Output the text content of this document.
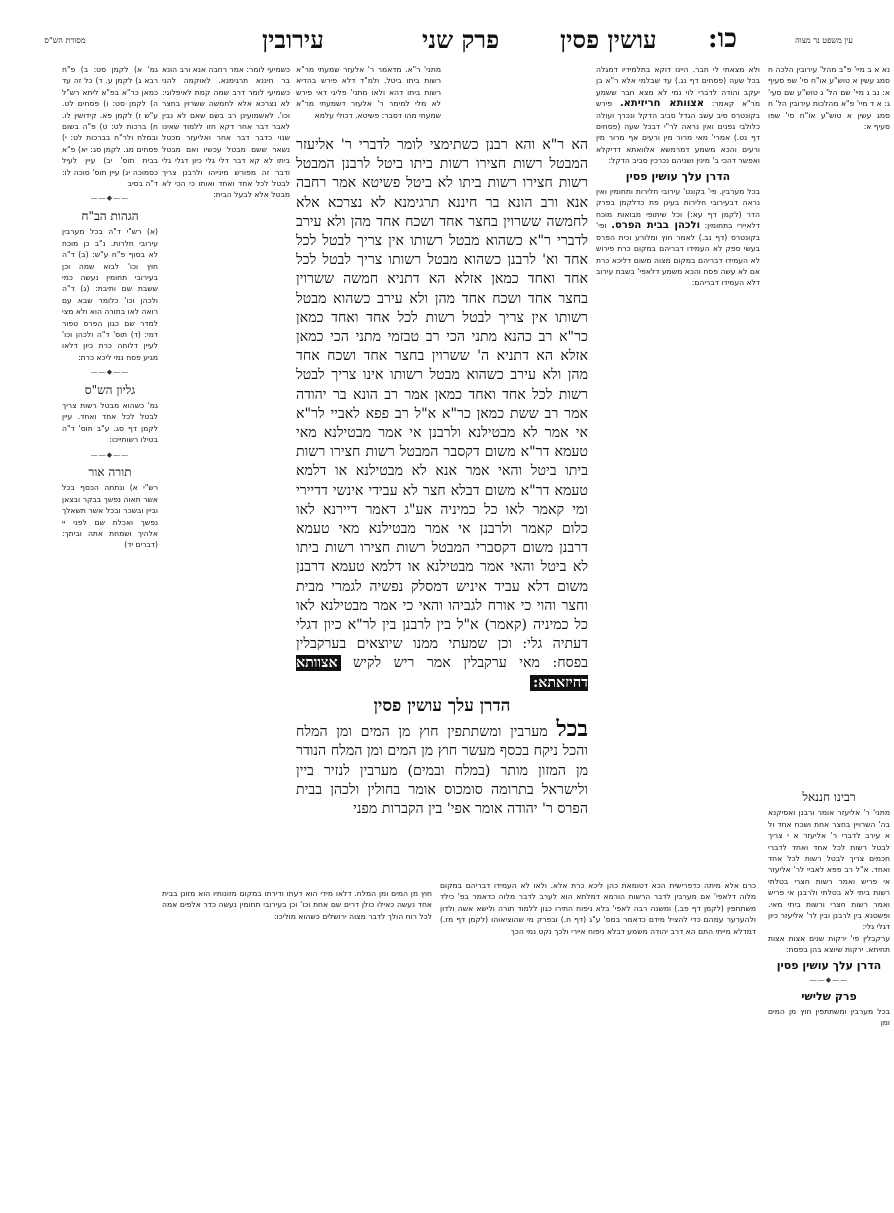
עין משפט נר מצוה
כו:
עושין פסין
פרק שני
עירובין
מסורת הש"ס
נא א ב מיי' פ"ב מהל' עירובין הלכה ח סמג עשין א טוש"ע או"ח סי' שפ סעיף א: נב ג מיי' שם הל' ג טוש"ע שם סעי' ג: א ד מיי' פ"א מהלכות עירובין הל' ח סמג עשין א טוש"ע או"ח סי' שפו סעיף א:
רבינו חננאל
מתני' ר' אליעזר אומר ורבנן ואסיקנא בה' השרויין בחצר אחת ושכח אחד ול א עירב לדברי ר' אליעזר א י צריך לבטל רשות לכל אחד ואחד לדברי חכמים צריך לבטל רשות לכל אחד ואחד. א"ל רב פפא לאביי לר' אליעזר אי פריש ואמר רשות חצרי בטלתי רשות ביתי לא בטלתי ולרבנן אי פריש ואמר רשות חצרי ורשות ביתי מאי. ופשטנא בין לרבנן ובין לר' אליעזר כיון דגלי גלי:
ערקבלין פי' ירקות שנים אצות אצות תחיתא. ירקות שיוצא בהן בפסח:
הדרן עלך עושין פסין
——◆——
פרק שלישי
בכל מערבין ומשתתפין חוץ מן המים ומן
ולא מצאתי לי חבר. היינו דוקא בתלמידיו דמגלה בכל שעה (פסחים דף נג.) עד שבלמי אלא ר"א בן יעקב והודה לדברי לוי נמי לא מצא חבר ששמע מר"א קאמר: אצוותא חריזיתא. פירש בקונטרס סיב עשב הגדל סביב הדקל ונכרך ועולה כלולבי גפנים ואין נראה לר"י דבכל שעה (פסחים דף נט.) אמרי' מאי מרור מין ורעים אף מרור מין ורעים והכא משמע דמרמשא אלוואתא דדיקלא ואפשר דהכי ב' מינין ושניהם נכרכין סביב הדקל:
הדרן עלך עושין פסין
בכל מערבין. פי' בקונט' עירובי חלירות ותחומין ואין נראה דבעירובי חלירות בעינן פת כדלקמן בפרק הדר (לקמן דף עא:) וכל שיתופי מבואות מוכח דלאיירי בתחומין: ולכהן בבית הפרס. ופי' בקונטרס (דף נב.) לאמר חוץ ומלורע וכית הפרס בעשי ספק לא העמידו דבריהם במקום כרת פירוש לא העמידו דבריהם במקום מצוה משום דליכא כרת אם לא עשה פסח והכא משמע דלאפי' בשבת עירוב דלא העמידו דבריהם:
מתני' ר"א. מדאמר ר' אלעזר שמעתי מר"א רשות ביתו ביטל. ולמ"ד דלא פירש בהדיא רשות ביתו דהא ולאו מתני' פליגי דאי פירש לא מלי למימר ר' אלעזר דשמעתי מר"א שמעתי מהו דסבר: פשיטא. דכולי עלמא
כשמיעי לומר: אמר רחבה אנא ורב הונא בר חיננא תרגימנא. לאוקמה להני כשמיעי לומר דרב שמה קמת לאיפלוגי: לא נצרכא אלא לחמשה ששרוין בחצר וכו'. לאשמועינן רב בשם שאם לא נבין לאבר דבר אחר דקא חזו ללמוד שאינו שנוי כדבר דבר אחר ואליעזר מכטל נשאר ששם מבטל עכשיו ואם מבטל ביתו לא קא דבר דלי גלי כיון דגלי גלי ודבר זה מפורש מינייהו ולרבנן צריך לבטל לכל אחד ואחד ואותו כי הכי לא מבטל אלא לבעל הבית:
הא ר"א והא רבנן כשתימצי לומר לדברי ר' אליעזר המבטל רשות חצירו רשות ביתו ביטל לרבנן המבטל רשות חצירו רשות ביתו לא ביטל פשיטא אמר רחבה אנא ורב הונא בר חיננא תרגימנא לא נצרכא אלא לחמשה ששרוין בחצר אחד ושכח אחד מהן ולא עירב לדברי ר"א כשהוא מבטל רשותו אין צריך לבטל לכל אחד וא' לרבנן כשהוא מבטל רשותו צריך לבטל לכל אחד ואחד כמאן אזלא הא דתניא חמשה ששרוין בחצר אחד ושכח אחד מהן ולא עירב כשהוא מבטל רשותו אין צריך לבטל רשות לכל אחד ואחד כמאן כר"א רב כהנא מתני הכי רב טבזמי מתני הכי כמאן אזלא הא דתניא ה' ששרוין בחצר אחד ושכח אחד מהן ולא עירב כשהוא מבטל רשותו אינו צריך לבטל רשות לכל אחד ואחד כמאן אמר רב הונא בר יהודה אמר רב ששת כמאן כר"א א"ל רב פפא לאביי לר"א אי אמר לא מבטילנא ולרבנן אי אמר מבטילנא מאי טעמא דר"א משום דקסבר המבטל רשות חצירו רשות ביתו ביטל והאי אמר אנא לא מבטילנא או דלמא טעמא דר"א משום דבלא חצר לא עבידי אינשי דדיירי ומי קאמר לאו כל כמיניה אע"ג דאמר דיירנא לאו כלום קאמר ולרבנן אי אמר מבטילנא מאי טעמא דרבנן משום דקסברי המבטל רשות חצירו רשות ביתו לא ביטל והאי אמר מבטילנא או דלמא טעמא דרבנן משום דלא עביד איניש דמסלק נפשיה לגמרי מבית וחצר והוי כי אורח לגביהו והאי כי אמר מבטילנא לאו כל כמיניה (קאמר) א"ל בין לרבנן בין לר"א כיון דגלי דעתיה גלי: וכן שמעתי ממנו שיוצאים בערקבלין בפסח: מאי ערקבלין אמר ריש לקיש אצוותא דחיזאתא:
הדרן עלך עושין פסין
בכל מערבין ומשתתפין חוץ מן המים ומן המלח והכל ניקח בכסף מעשר חוץ מן המים ומן המלח הנודר מן המזון מותר (במלח ובמים) מערבין לנזיר ביין ולישראל בתרומה סומכוס אומר בחולין ולכהן בבית הפרס ר' יהודה אומר אפי' בין הקברות מפני
כרם אלא מיתה כדפרישית הכא דטומאת כהן ליכא כרת אלא. ולאו לא העמידו דבריהם במקום מלוה דלאפי' אם מערבין לדבר הרשות הורמא דמלתא הוא לערב לדבר מלוה כדאמר בפ' כילד משתתפין (לקמן דף פב.) ומשנה רבה לאפי' בלא ניפוח התירו כגון ללמוד תורה ולישא אשה ולדון ולהערער עמהם כדי להציל מידם כדאמר במס' ע"ג (דף ח.) ובפרק מי שהוציאוהו (לקמן דף מז.) דמדלא מייתי התם הא דרב יהודה משמע דבלא ניפוח איירי ולכך נקט נמי הכך
חוץ מן המים ומן המלח. דלאו מידי הוא דעתו ודירתו במקום מזונותיו הוא מזונן בבית אחד נעשה כאילו כולן דרים שם אחת וכו' וכן בעירובי תחומין נעשה כדר אלפים אמה לכל רוח הולך לדבר מצוה ירושלים כשהוא מוליכו:
גמ' א) לקמן סט: ב) פ"ח רבא ג) לקמן ע. ד) כל זה עד כמאן כר"א בפ"א ליתא רש"ל ה) לקמן סט: ו) פסחים לט. ע"ש ז) לקמן פא. קידושין לו. ח) ברכות לט: ט) פ"ה בשום ובמלח ולר"ח בברכות לט: י) פסחים מג. לקמן סג: יא) פ"א בבית תוס' יב) עיין לעיל כסמוכה יג) עיין תוס' סוכה לו: ד"ה בסיב
——◆——
הגהות הב"ח
(א) רש"י ד"ה בכל מערבין עירובי חלרות. נ"ב כן מוכח לא בסוף פ"ח ע"ש: (ב) ד"ה חוץ וכו' לבוא שמה וכן בעירובי תחומין נעשה כמי ששבת שם ותיבת: (ג) ד"ה ולכהן וכו' כלומר שבא עם רואה לאו בתורה הוא ולא מצי למדר שם כגון הפרס טפור דמי: (ד) תוס' ד"ה ולכהן וכו' לעיין דלוחה כרת כיון דלאו מגיע פסח נמי ליכא כרת:
——◆——
גליון הש"ס
גמ' כשהוא מבטל רשות צריך לבטל לכל אחד ואחד. עיין לקמן דף סג. ע"ב תוס' ד"ה בטילו רשותייכו:
——◆——
תורה אור
רש"י א) ונתתה הכסף בכל אשר תאוה נפשך בבקר ובצאן וביין ובשכר ובכל אשר תשאלך נפשך ואכלת שם לפני יי אלהיך ושמחת אתה וביתך: (דברים יד)
